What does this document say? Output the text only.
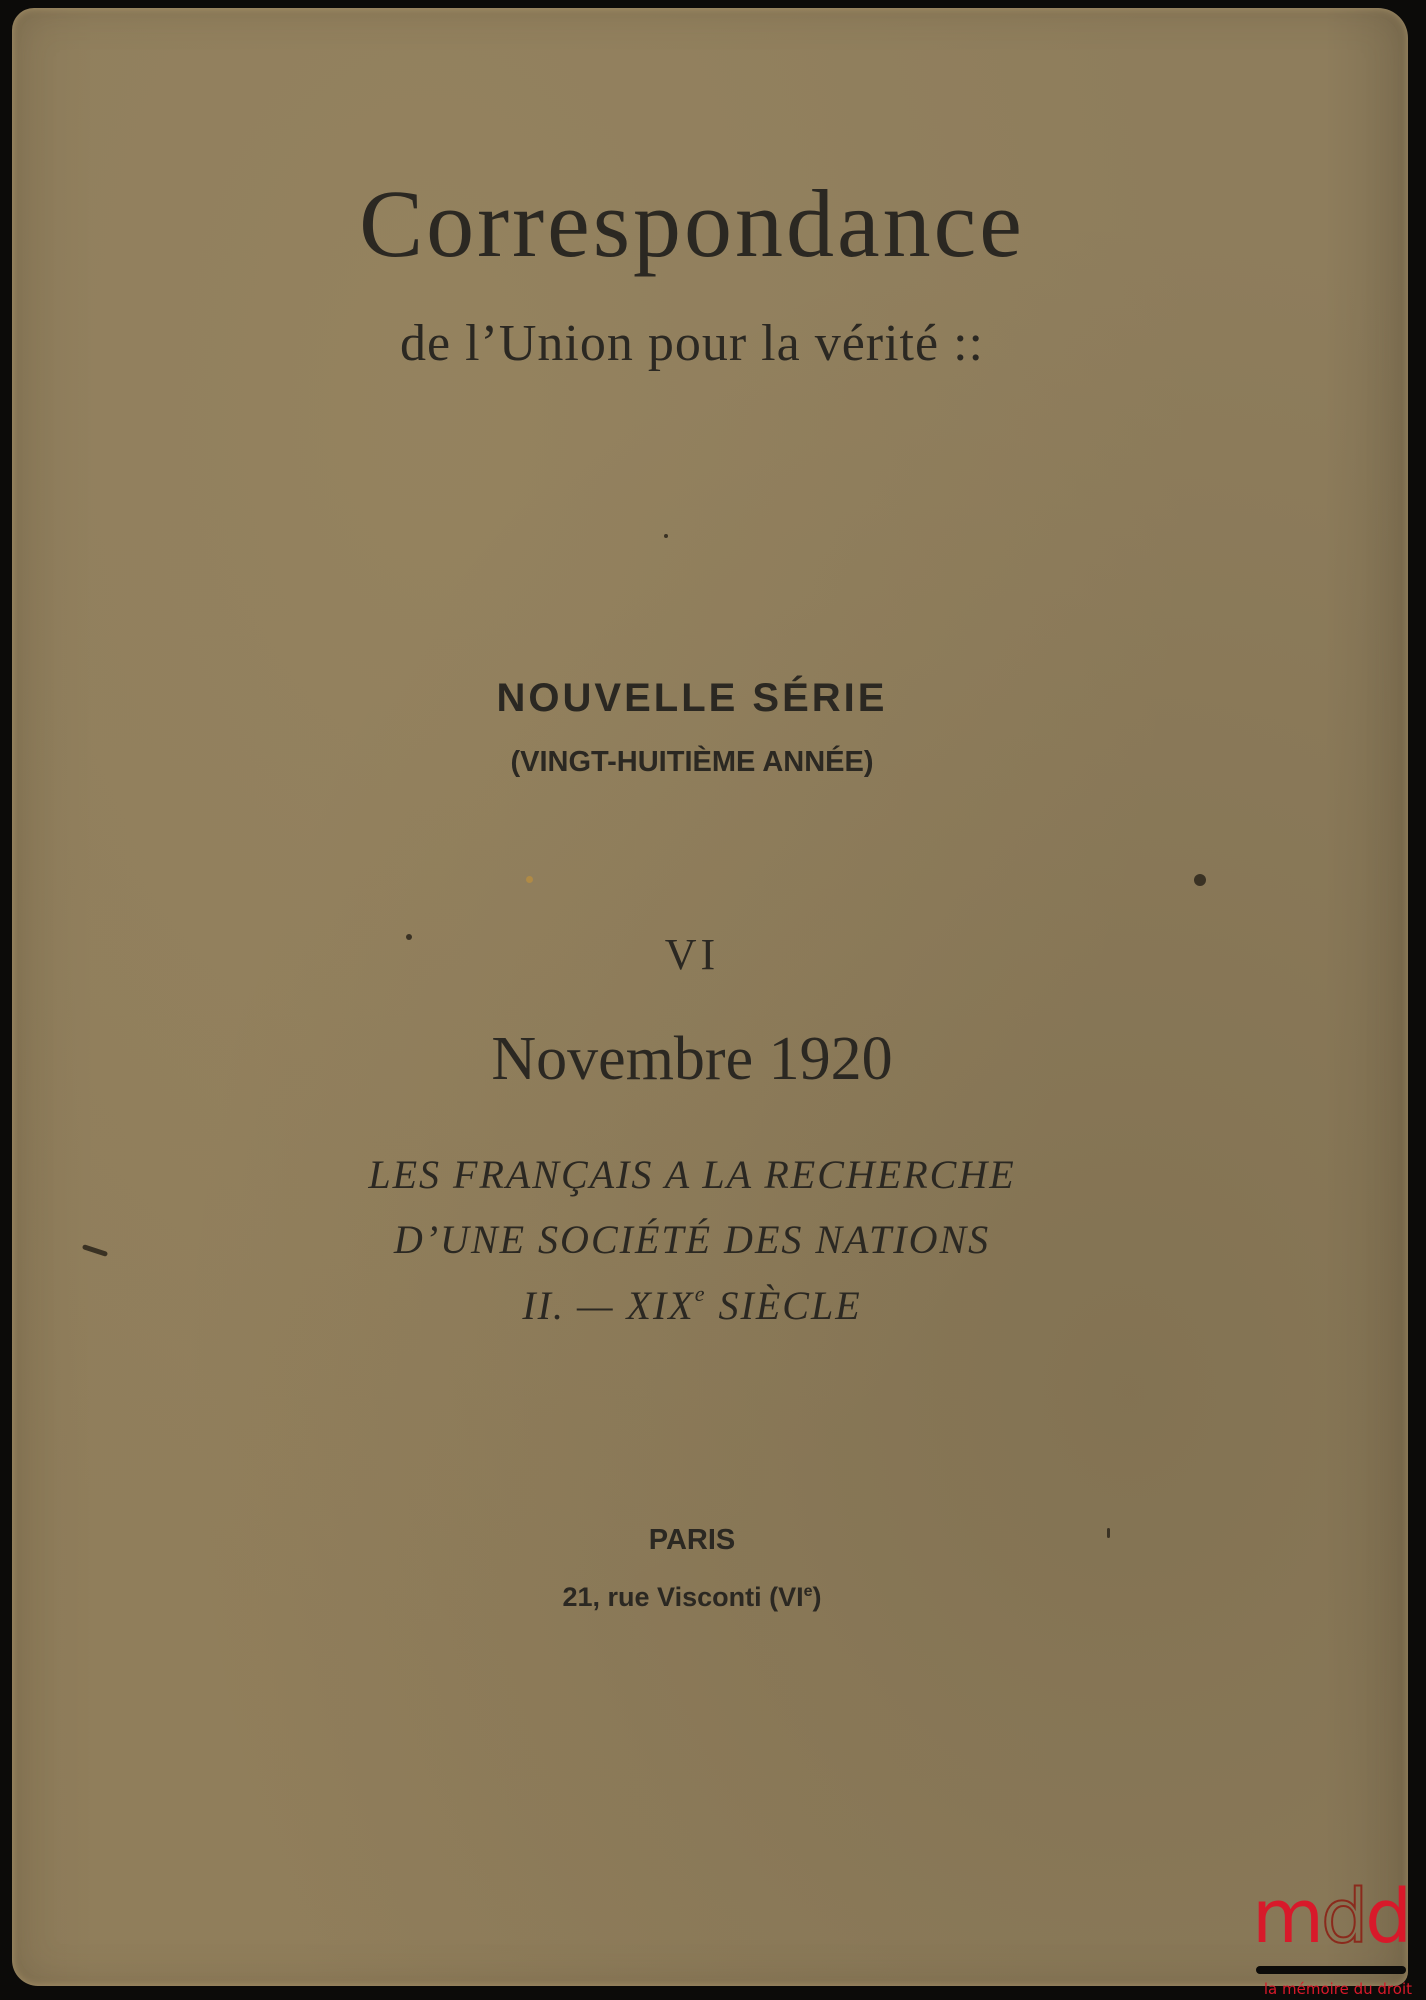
Correspondance
de l’Union pour la vérité ::
NOUVELLE SÉRIE
(VINGT-HUITIÈME ANNÉE)
VI
Novembre 1920
LES FRANÇAIS A LA RECHERCHE
D’UNE SOCIÉTÉ DES NATIONS
II. — XIXe SIÈCLE
PARIS
21, rue Visconti (VIe)
mdd
la mémoire du droit
